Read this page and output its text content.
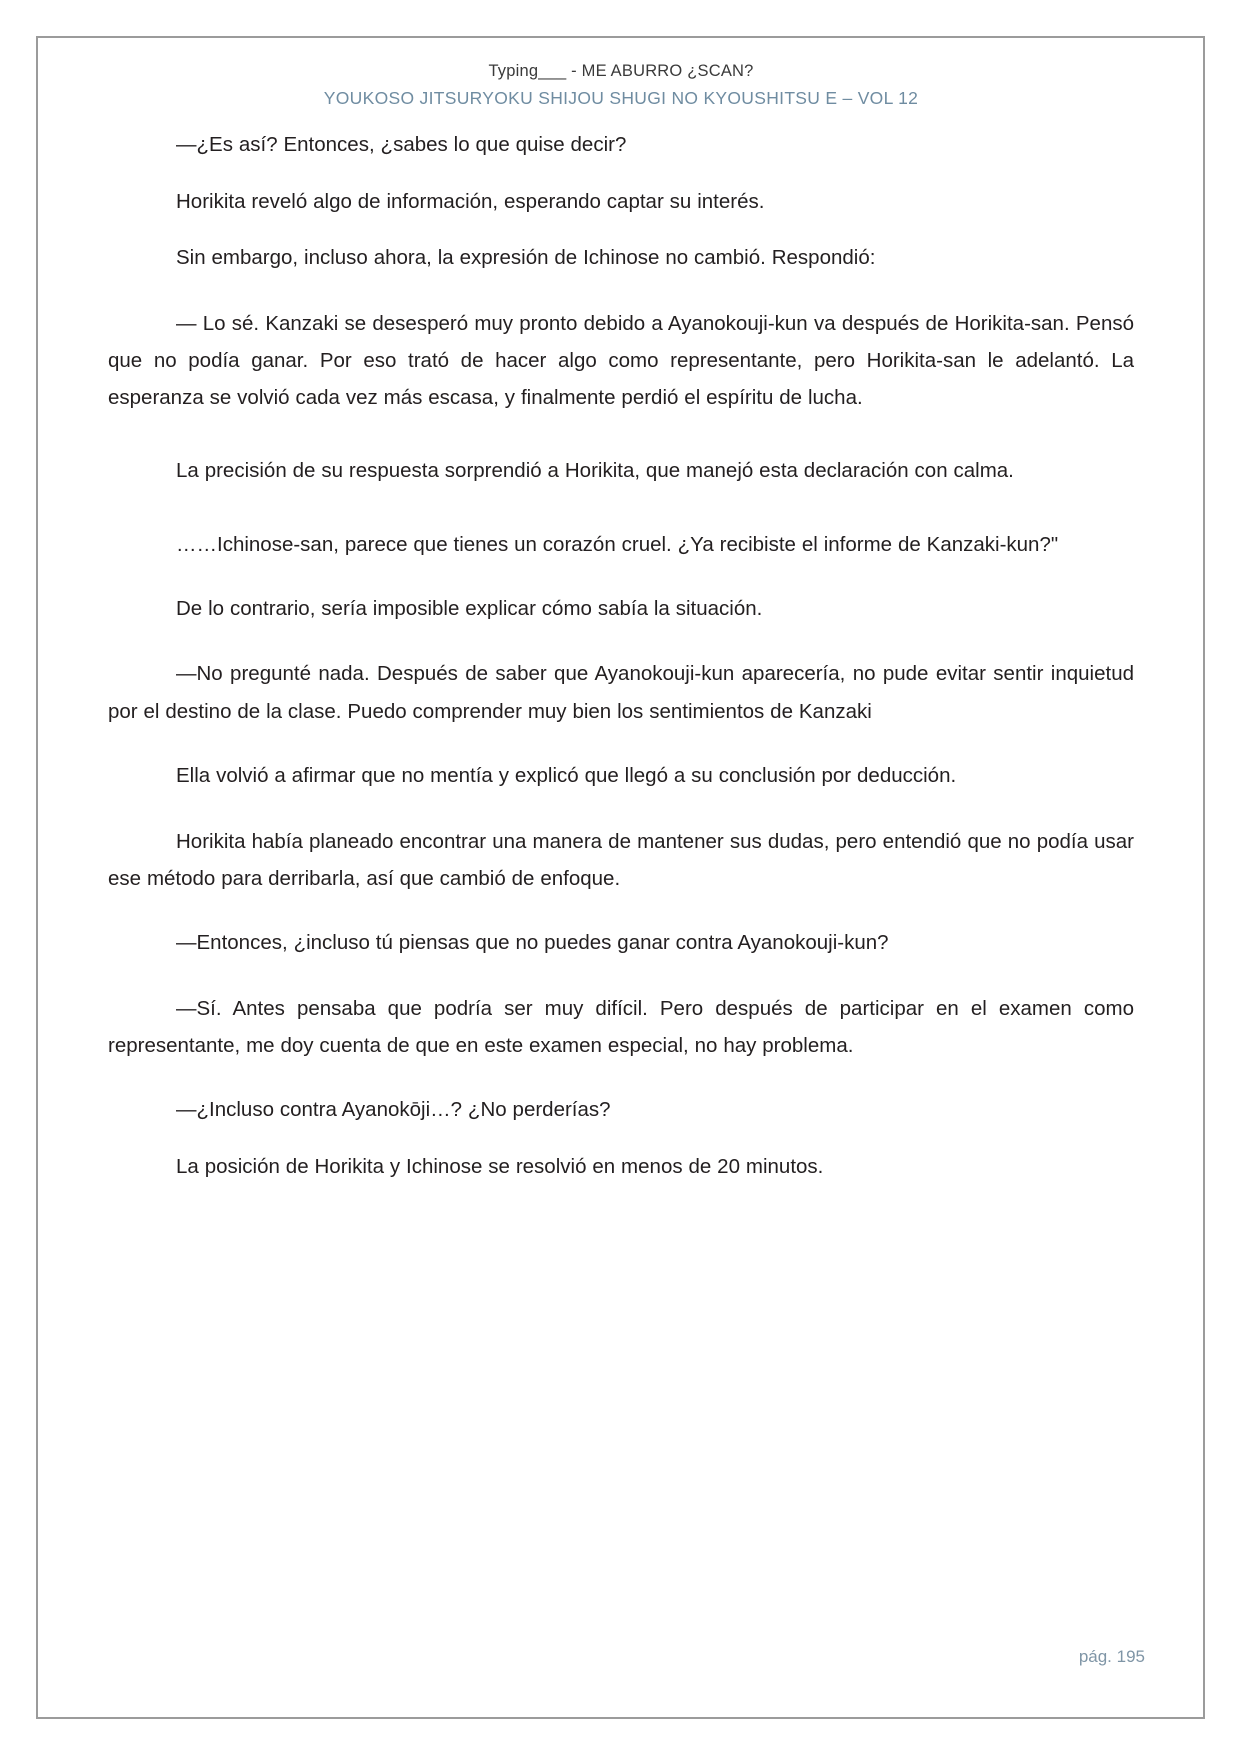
Typing___ - ME ABURRO ¿SCAN?
YOUKOSO JITSURYOKU SHIJOU SHUGI NO KYOUSHITSU E – VOL 12

—¿Es así? Entonces, ¿sabes lo que quise decir?

Horikita reveló algo de información, esperando captar su interés.

Sin embargo, incluso ahora, la expresión de Ichinose no cambió. Respondió:

— Lo sé. Kanzaki se desesperó muy pronto debido a Ayanokouji-kun va después de Horikita-san. Pensó que no podía ganar. Por eso trató de hacer algo como representante, pero Horikita-san le adelantó. La esperanza se volvió cada vez más escasa, y finalmente perdió el espíritu de lucha.

La precisión de su respuesta sorprendió a Horikita, que manejó esta declaración con calma.

……Ichinose-san, parece que tienes un corazón cruel. ¿Ya recibiste el informe de Kanzaki-kun?"

De lo contrario, sería imposible explicar cómo sabía la situación.

—No pregunté nada. Después de saber que Ayanokouji-kun aparecería, no pude evitar sentir inquietud por el destino de la clase. Puedo comprender muy bien los sentimientos de Kanzaki

Ella volvió a afirmar que no mentía y explicó que llegó a su conclusión por deducción.

Horikita había planeado encontrar una manera de mantener sus dudas, pero entendió que no podía usar ese método para derribarla, así que cambió de enfoque.

—Entonces, ¿incluso tú piensas que no puedes ganar contra Ayanokouji-kun?

—Sí. Antes pensaba que podría ser muy difícil. Pero después de participar en el examen como representante, me doy cuenta de que en este examen especial, no hay problema.

—¿Incluso contra Ayanokōji…? ¿No perderías?

La posición de Horikita y Ichinose se resolvió en menos de 20 minutos.

pág. 195
